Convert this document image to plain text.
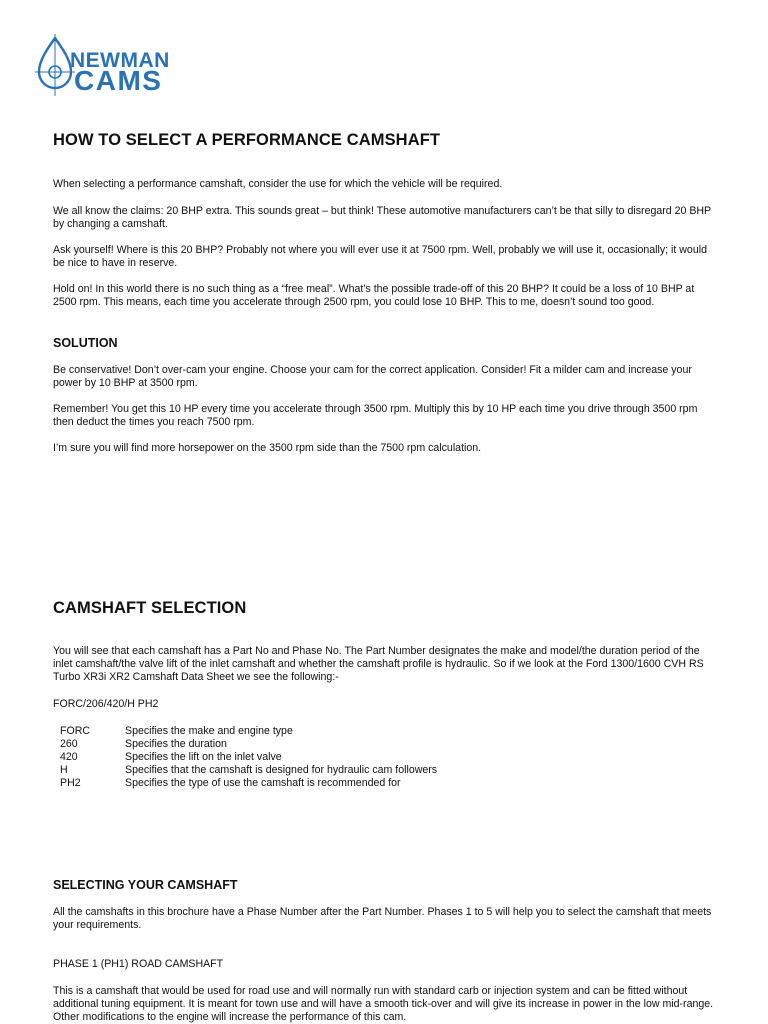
NEWMAN
CAMS
HOW TO SELECT A PERFORMANCE CAMSHAFT

When selecting a performance camshaft, consider the use for which the vehicle will be required.

We all know the claims: 20 BHP extra. This sounds great – but think! These automotive manufacturers can’t be that silly to disregard 20 BHP by changing a camshaft.

Ask yourself! Where is this 20 BHP? Probably not where you will ever use it at 7500 rpm. Well, probably we will use it, occasionally; it would be nice to have in reserve.

Hold on! In this world there is no such thing as a “free meal”. What’s the possible trade-off of this 20 BHP? It could be a loss of 10 BHP at 2500 rpm. This means, each time you accelerate through 2500 rpm, you could lose 10 BHP. This to me, doesn’t sound too good.

SOLUTION

Be conservative! Don’t over-cam your engine. Choose your cam for the correct application. Consider! Fit a milder cam and increase your power by 10 BHP at 3500 rpm.

Remember! You get this 10 HP every time you accelerate through 3500 rpm. Multiply this by 10 HP each time you drive through 3500 rpm then deduct the times you reach 7500 rpm.

I’m sure you will find more horsepower on the 3500 rpm side than the 7500 rpm calculation.

CAMSHAFT SELECTION

You will see that each camshaft has a Part No and Phase No. The Part Number designates the make and model/the duration period of the inlet camshaft/the valve lift of the inlet camshaft and whether the camshaft profile is hydraulic. So if we look at the Ford 1300/1600 CVH RS Turbo XR3i XR2 Camshaft Data Sheet we see the following:-

FORC/206/420/H PH2

FORC	Specifies the make and engine type
260	Specifies the duration
420	Specifies the lift on the inlet valve
H	Specifies that the camshaft is designed for hydraulic cam followers
PH2	Specifies the type of use the camshaft is recommended for
SELECTING YOUR CAMSHAFT

All the camshafts in this brochure have a Phase Number after the Part Number. Phases 1 to 5 will help you to select the camshaft that meets your requirements.

PHASE 1 (PH1) ROAD CAMSHAFT

This is a camshaft that would be used for road use and will normally run with standard carb or injection system and can be fitted without additional tuning equipment. It is meant for town use and will have a smooth tick-over and will give its increase in power in the low mid-range. Other modifications to the engine will increase the performance of this cam.
